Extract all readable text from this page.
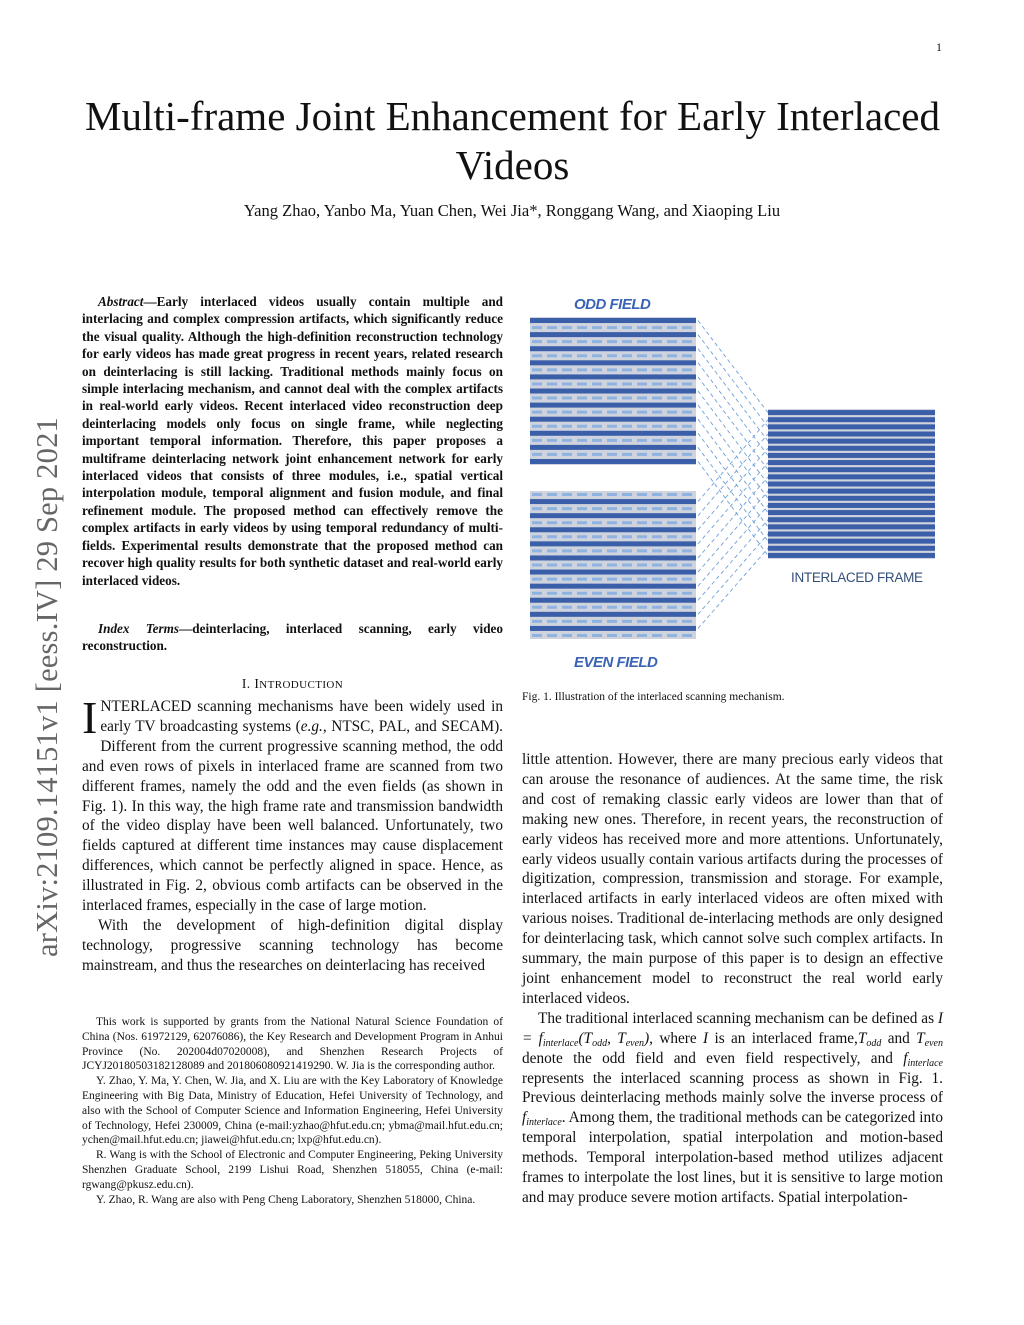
1
Multi-frame Joint Enhancement for Early Interlaced Videos
Yang Zhao, Yanbo Ma, Yuan Chen, Wei Jia*, Ronggang Wang, and Xiaoping Liu
arXiv:2109.14151v1 [eess.IV] 29 Sep 2021

Abstract—Early interlaced videos usually contain multiple and interlacing and complex compression artifacts, which significantly reduce the visual quality. Although the high-definition reconstruction technology for early videos has made great progress in recent years, related research on deinterlacing is still lacking. Traditional methods mainly focus on simple interlacing mechanism, and cannot deal with the complex artifacts in real-world early videos. Recent interlaced video reconstruction deep deinterlacing models only focus on single frame, while neglecting important temporal information. Therefore, this paper proposes a multiframe deinterlacing network joint enhancement network for early interlaced videos that consists of three modules, i.e., spatial vertical interpolation module, temporal alignment and fusion module, and final refinement module. The proposed method can effectively remove the complex artifacts in early videos by using temporal redundancy of multi-fields. Experimental results demonstrate that the proposed method can recover high quality results for both synthetic dataset and real-world early interlaced videos.

Index Terms—deinterlacing, interlaced scanning, early video reconstruction.
I. INTRODUCTION

INTERLACED scanning mechanisms have been widely used in early TV broadcasting systems (e.g., NTSC, PAL, and SECAM). Different from the current progressive scanning method, the odd and even rows of pixels in interlaced frame are scanned from two different frames, namely the odd and the even fields (as shown in Fig. 1). In this way, the high frame rate and transmission bandwidth of the video display have been well balanced. Unfortunately, two fields captured at different time instances may cause displacement differences, which cannot be perfectly aligned in space. Hence, as illustrated in Fig. 2, obvious comb artifacts can be observed in the interlaced frames, especially in the case of large motion.

With the development of high-definition digital display technology, progressive scanning technology has become mainstream, and thus the researches on deinterlacing has received

This work is supported by grants from the National Natural Science Foundation of China (Nos. 61972129, 62076086), the Key Research and Development Program in Anhui Province (No. 202004d07020008), and Shenzhen Research Projects of JCYJ20180503182128089 and 201806080921419290. W. Jia is the corresponding author.

Y. Zhao, Y. Ma, Y. Chen, W. Jia, and X. Liu are with the Key Laboratory of Knowledge Engineering with Big Data, Ministry of Education, Hefei University of Technology, and also with the School of Computer Science and Information Engineering, Hefei University of Technology, Hefei 230009, China (e-mail:yzhao@hfut.edu.cn; ybma@mail.hfut.edu.cn; ychen@mail.hfut.edu.cn; jiawei@hfut.edu.cn; lxp@hfut.edu.cn).

R. Wang is with the School of Electronic and Computer Engineering, Peking University Shenzhen Graduate School, 2199 Lishui Road, Shenzhen 518055, China (e-mail: rgwang@pkusz.edu.cn).

Y. Zhao, R. Wang are also with Peng Cheng Laboratory, Shenzhen 518000, China.

ODD FIELD
INTERLACED FRAME
EVEN FIELD
Fig. 1. Illustration of the interlaced scanning mechanism.

little attention. However, there are many precious early videos that can arouse the resonance of audiences. At the same time, the risk and cost of remaking classic early videos are lower than that of making new ones. Therefore, in recent years, the reconstruction of early videos has received more and more attentions. Unfortunately, early videos usually contain various artifacts during the processes of digitization, compression, transmission and storage. For example, interlaced artifacts in early interlaced videos are often mixed with various noises. Traditional de-interlacing methods are only designed for deinterlacing task, which cannot solve such complex artifacts. In summary, the main purpose of this paper is to design an effective joint enhancement model to reconstruct the real world early interlaced videos.

The traditional interlaced scanning mechanism can be defined as $I = f_{interlace}(T_{odd}$, $T_{even}$), where I is an interlaced $frame,T_{odd}$ and $T_{even}$ denote the odd field and even field respectively, and $f_{interlace}$ represents the interlaced scanning process as shown in Fig. 1. Previous deinterlacing methods mainly solve the inverse process of $f_{interlace}$. Among them, the traditional methods can be categorized into temporal interpolation, spatial interpolation and motion-based methods. Temporal interpolation-based method utilizes adjacent frames to interpolate the lost lines, but it is sensitive to large motion and may produce severe motion artifacts. Spatial interpolation-
